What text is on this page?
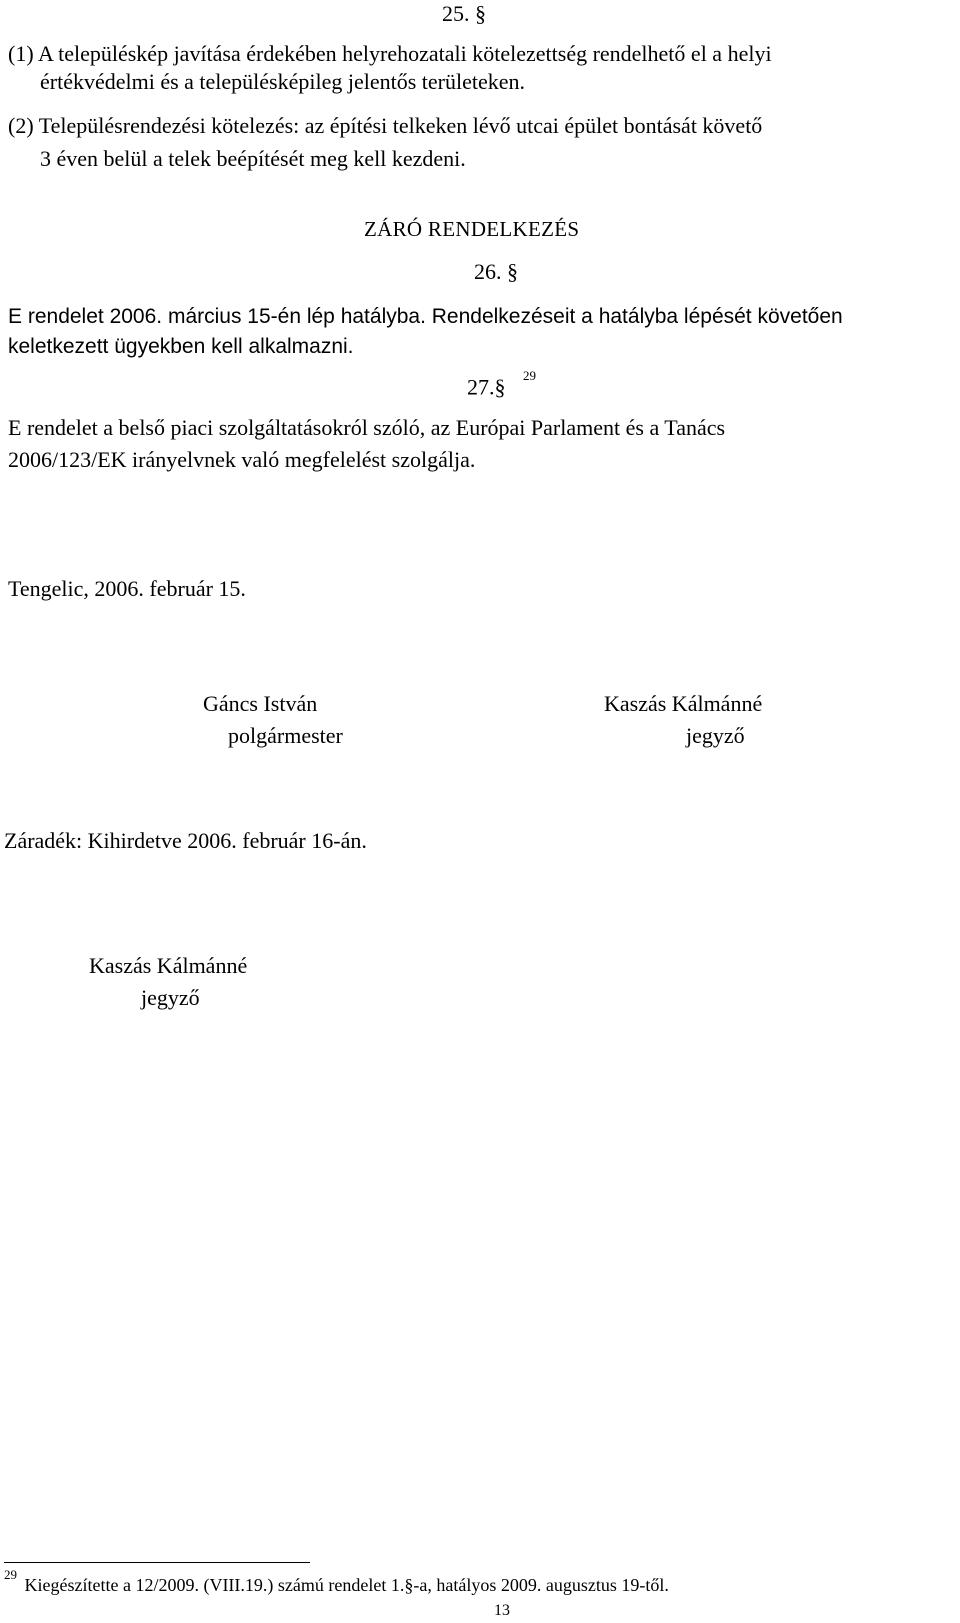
25. §
(1) A településkép javítása érdekében helyrehozatali kötelezettség rendelhető el a helyi
értékvédelmi és a településképileg jelentős területeken.
(2) Településrendezési kötelezés: az építési telkeken lévő utcai épület bontását követő
3 éven belül a telek beépítését meg kell kezdeni.
ZÁRÓ RENDELKEZÉS
26. §
E rendelet 2006. március 15-én lép hatályba. Rendelkezéseit a hatályba lépését követően
keletkezett ügyekben kell alkalmazni.
27.§ $^{29}$
E rendelet a belső piaci szolgáltatásokról szóló, az Európai Parlament és a Tanács
2006/123/EK irányelvnek való megfelelést szolgálja.
Tengelic, 2006. február 15.
Gáncs István
polgármester
Kaszás Kálmánné
jegyző
Záradék: Kihirdetve 2006. február 16-án.
Kaszás Kálmánné
jegyző
$^{29}$ Kiegészítette a 12/2009. (VIII.19.) számú rendelet 1.§-a, hatályos 2009. augusztus 19-től.
13
